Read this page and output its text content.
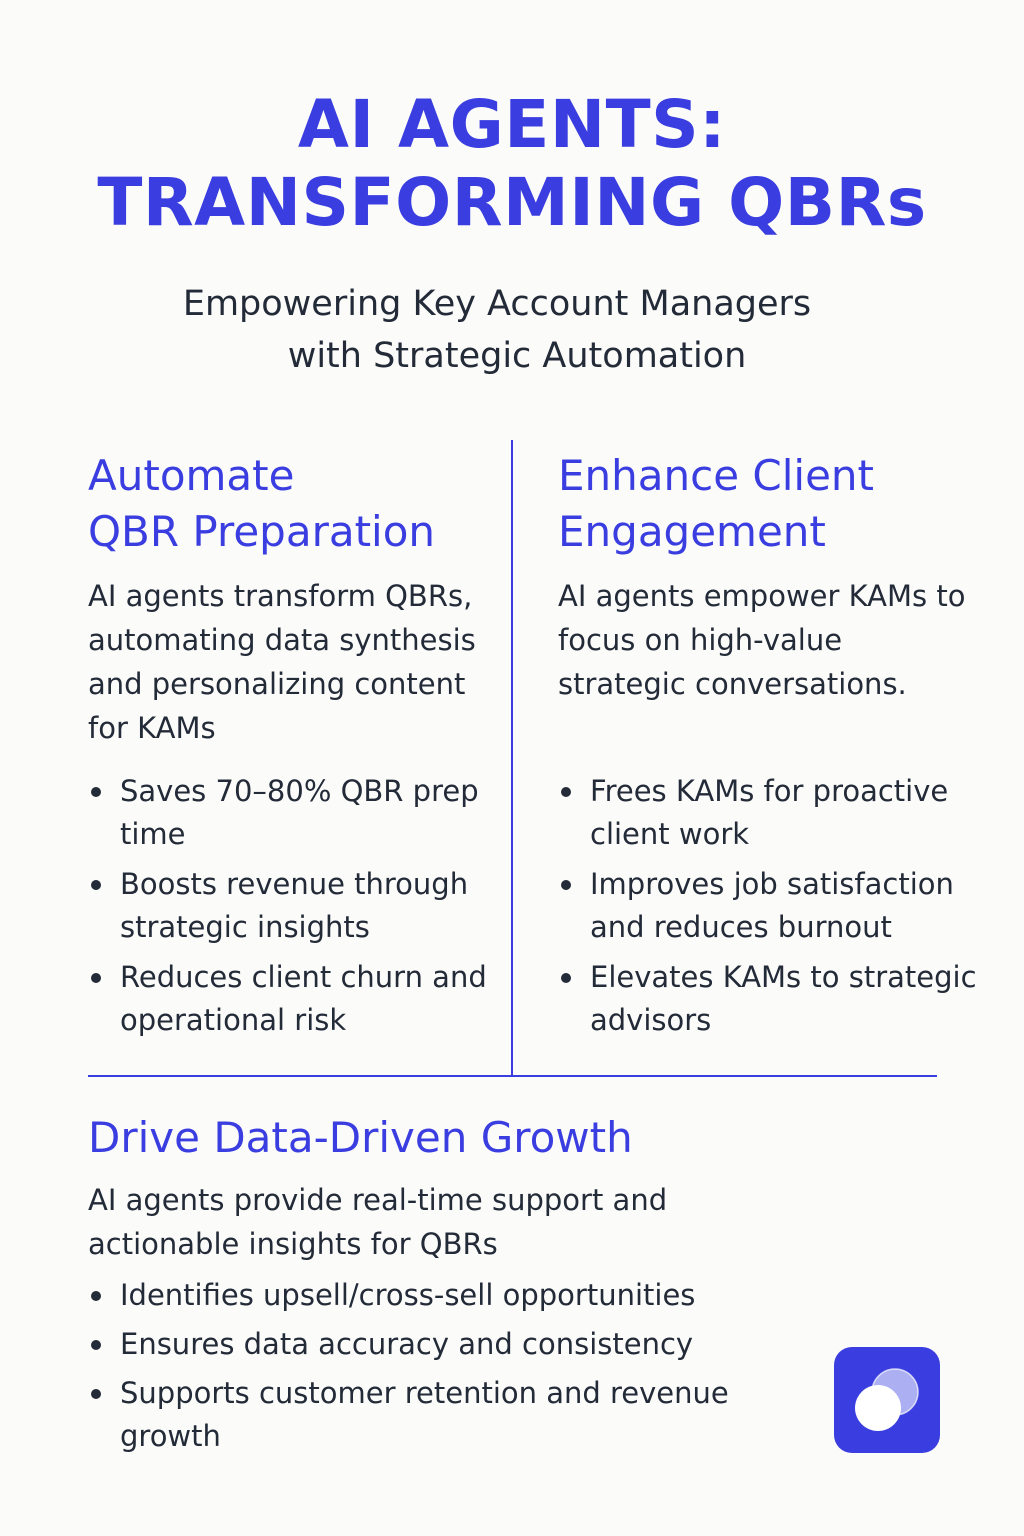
AI AGENTS:
TRANSFORMING QBRs
Empowering Key Account Managers
with Strategic Automation
Automate
QBR Preparation

AI agents transform QBRs, automating data synthesis and personalizing content for KAMs

Saves 70–80% QBR prep time
Boosts revenue through strategic insights
Reduces client churn and operational risk
Enhance Client
Engagement

AI agents empower KAMs to focus on high-value strategic conversations.

Frees KAMs for proactive client work
Improves job satisfaction and reduces burnout
Elevates KAMs to strategic advisors
Drive Data-Driven Growth

AI agents provide real-time support and actionable insights for QBRs

Identifies upsell/cross-sell opportunities
Ensures data accuracy and consistency
Supports customer retention and revenue growth
